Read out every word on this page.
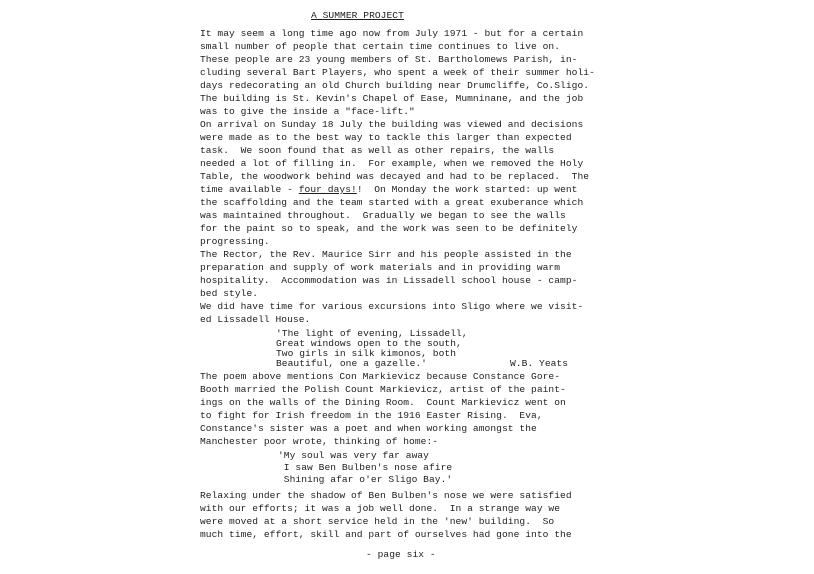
A SUMMER PROJECT
It may seem a long time ago now from July 1971 - but for a certain
small number of people that certain time continues to live on.
These people are 23 young members of St. Bartholomews Parish, in-
cluding several Bart Players, who spent a week of their summer holi-
days redecorating an old Church building near Drumcliffe, Co.Sligo.
The building is St. Kevin's Chapel of Ease, Mumninane, and the job
was to give the inside a "face-lift."
On arrival on Sunday 18 July the building was viewed and decisions
were made as to the best way to tackle this larger than expected
task.  We soon found that as well as other repairs, the walls
needed a lot of filling in.  For example, when we removed the Holy
Table, the woodwork behind was decayed and had to be replaced.  The
time available - four days!!  On Monday the work started: up went
the scaffolding and the team started with a great exuberance which
was maintained throughout.  Gradually we began to see the walls
for the paint so to speak, and the work was seen to be definitely
progressing.
The Rector, the Rev. Maurice Sirr and his people assisted in the
preparation and supply of work materials and in providing warm
hospitality.  Accommodation was in Lissadell school house - camp-
bed style.
We did have time for various excursions into Sligo where we visit-
ed Lissadell House.
'The light of evening, Lissadell,
Great windows open to the south,
Two girls in silk kimonos, both
Beautiful, one a gazelle.'	W.B. Yeats
The poem above mentions Con Markievicz because Constance Gore-
Booth married the Polish Count Markievicz, artist of the paint-
ings on the walls of the Dining Room.  Count Markievicz went on
to fight for Irish freedom in the 1916 Easter Rising.  Eva,
Constance's sister was a poet and when working amongst the
Manchester poor wrote, thinking of home:-
'My soul was very far away
I saw Ben Bulben's nose afire
Shining afar o'er Sligo Bay.'
Relaxing under the shadow of Ben Bulben's nose we were satisfied
with our efforts; it was a job well done.  In a strange way we
were moved at a short service held in the 'new' building.  So
much time, effort, skill and part of ourselves had gone into the
- page six -
